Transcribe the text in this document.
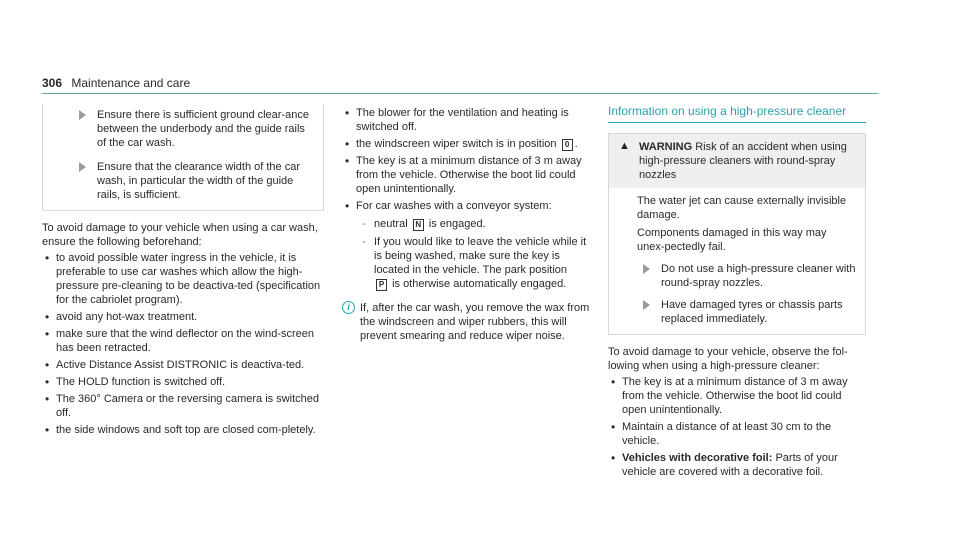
306 Maintenance and care
Ensure there is sufficient ground clear-ance between the underbody and the guide rails of the car wash.
Ensure that the clearance width of the car wash, in particular the width of the guide rails, is sufficient.

To avoid damage to your vehicle when using a car wash, ensure the following beforehand:

• to avoid possible water ingress in the vehicle, it is preferable to use car washes which allow the high-pressure pre-cleaning to be deactiva-ted (specification for the cabriolet program).
• avoid any hot-wax treatment.
• make sure that the wind deflector on the wind-screen has been retracted.
• Active Distance Assist DISTRONIC is deactiva-ted.
• The HOLD function is switched off.
• The 360° Camera or the reversing camera is switched off.
• the side windows and soft top are closed com-pletely.
• The blower for the ventilation and heating is switched off.
• the windscreen wiper switch is in position 0 .
• The key is at a minimum distance of 3 m away from the vehicle. Otherwise the boot lid could open unintentionally.
• For car washes with a conveyor system:
- neutral N is engaged.
- If you would like to leave the vehicle while it is being washed, make sure the key is located in the vehicle. The park position
P is otherwise automatically engaged.
i If, after the car wash, you remove the wax from the windscreen and wiper rubbers, this will prevent smearing and reduce wiper noise.
Information on using a high-pressure cleaner
▲ WARNING Risk of an accident when using high-pressure cleaners with round-spray nozzles

The water jet can cause externally invisible damage.

Components damaged in this way may unex-pectedly fail.

Do not use a high-pressure cleaner with round-spray nozzles.
Have damaged tyres or chassis parts replaced immediately.

To avoid damage to your vehicle, observe the fol-lowing when using a high-pressure cleaner:

• The key is at a minimum distance of 3 m away from the vehicle. Otherwise the boot lid could open unintentionally.
• Maintain a distance of at least 30 cm to the vehicle.
• Vehicles with decorative foil: Parts of your vehicle are covered with a decorative foil.
